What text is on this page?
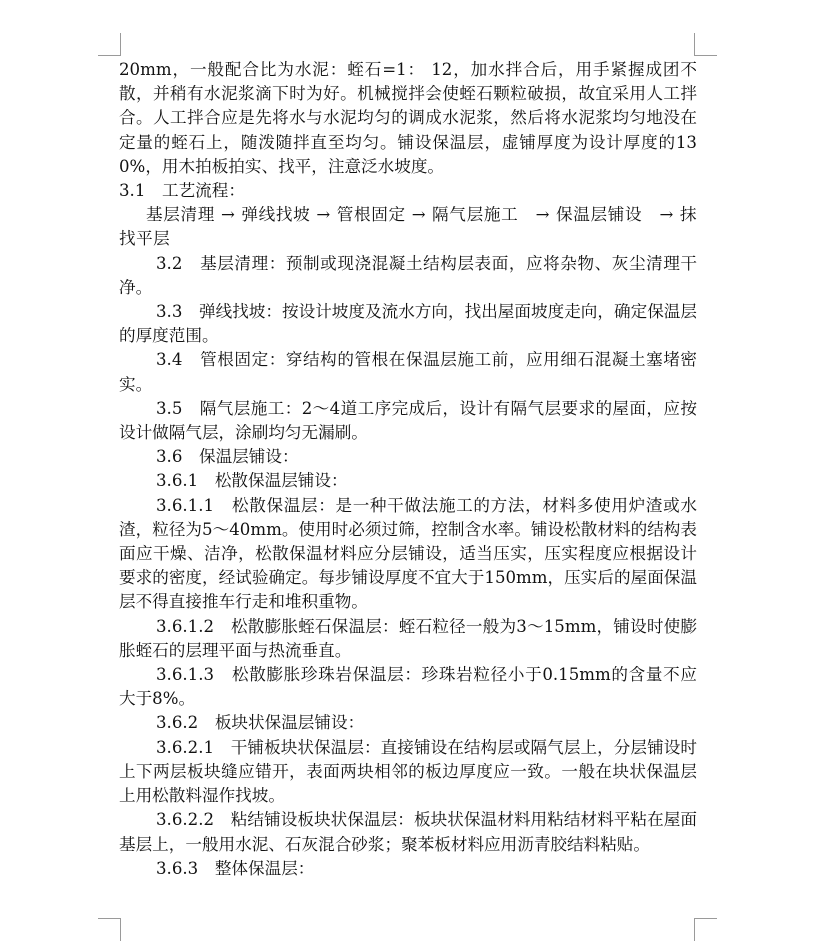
20mm，一般配合比为水泥：蛭石=1： 12，加水拌合后，用手紧握成团不散，并稍有水泥浆滴下时为好。机械搅拌会使蛭石颗粒破损，故宜采用人工拌合。人工拌合应是先将水与水泥均匀的调成水泥浆，然后将水泥浆均匀地没在定量的蛭石上，随泼随拌直至均匀。铺设保温层，虚铺厚度为设计厚度的130%，用木拍板拍实、找平，注意泛水坡度。

3.1　工艺流程：

基层清理 → 弹线找坡 → 管根固定 → 隔气层施工　→ 保温层铺设　→ 抹找平层

3.2　基层清理：预制或现浇混凝土结构层表面，应将杂物、灰尘清理干净。

3.3　弹线找坡：按设计坡度及流水方向，找出屋面坡度走向，确定保温层的厚度范围。

3.4　管根固定：穿结构的管根在保温层施工前，应用细石混凝土塞堵密实。

3.5　隔气层施工：2～4道工序完成后，设计有隔气层要求的屋面，应按设计做隔气层，涂刷均匀无漏刷。

3.6　保温层铺设：

3.6.1　松散保温层铺设：

3.6.1.1　松散保温层：是一种干做法施工的方法，材料多使用炉渣或水渣，粒径为5～40mm。使用时必须过筛，控制含水率。铺设松散材料的结构表面应干燥、洁净，松散保温材料应分层铺设，适当压实，压实程度应根据设计要求的密度，经试验确定。每步铺设厚度不宜大于150mm，压实后的屋面保温层不得直接推车行走和堆积重物。

3.6.1.2　松散膨胀蛭石保温层：蛭石粒径一般为3～15mm，铺设时使膨胀蛭石的层理平面与热流垂直。

3.6.1.3　松散膨胀珍珠岩保温层：珍珠岩粒径小于0.15mm的含量不应大于8%。

3.6.2　板块状保温层铺设：

3.6.2.1　干铺板块状保温层：直接铺设在结构层或隔气层上，分层铺设时上下两层板块缝应错开，表面两块相邻的板边厚度应一致。一般在块状保温层上用松散料湿作找坡。

3.6.2.2　粘结铺设板块状保温层：板块状保温材料用粘结材料平粘在屋面基层上，一般用水泥、石灰混合砂浆；聚苯板材料应用沥青胶结料粘贴。

3.6.3　整体保温层：
